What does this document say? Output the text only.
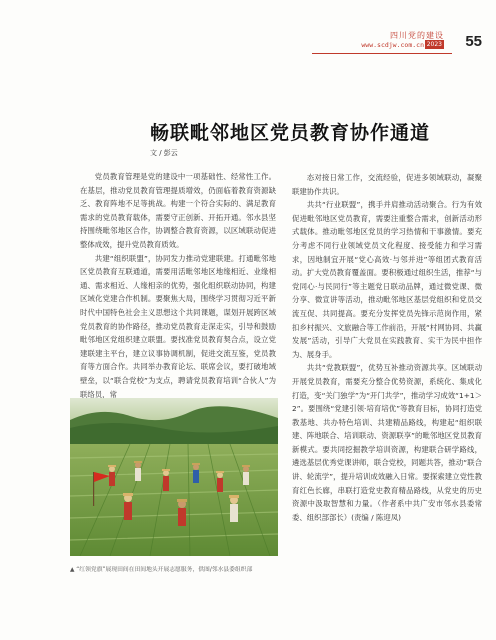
四川党的建设
www.scdjw.com.cn 2023 55
畅联毗邻地区党员教育协作通道
文 / 彭云

党员教育管理是党的建设中一项基础性、经常性工作。在基层，推动党员教育管理提质增效，仍面临着教育资源缺乏、教育阵地不足等挑战。构建一个符合实际的、满足教育需求的党员教育载体，需要守正创新、开拓开通。邻水县坚持围绕毗邻地区合作，协调整合教育资源，以区域联动促进整体成效，提升党员教育质效。

共建“组织联盟”，协同发力推动党建联建。打通毗邻地区党员教育互联通道，需要用活毗邻地区地缘相近、业缘相通、需求相近、人缘相亲的优势，强化组织联动协同，构建区域化党建合作机制。要聚焦大局，围绕学习贯彻习近平新时代中国特色社会主义思想这个共同课题，谋划开展跨区域党员教育的协作路径，推动党员教育走深走实，引导和鼓励毗邻地区党组织建立联盟。要找准党员教育契合点，设立党建联建主平台，建立议事协调机制，促进交流互鉴，党员教育等方面合作。共同举办教育论坛、联席会议，要打破地域壁垒，以“联合党校”为支点，聘请党员教育培训“合伙人”为联络员，常

▲ “红领党旗”展现田间在田间地头开展志愿服务，供图/邻水县委组织部

态对接日常工作，交流经验，促进多领域联动，凝聚联建协作共识。

共共“行业联盟”，携手并肩推动活动聚合。行为有效促进毗邻地区党员教育，需要注重整合需求，创新活动形式载体。推动毗邻地区党员的学习热情和干事激情。要充分考虑不同行业领域党员文化程度、接受能力和学习需求，因地制宜开展“党心高效·与邻并进”等组团式教育活动。扩大党员教育覆盖面。要积极通过组织生活，推荐“与党同心·与民同行”等主题党日联动品牌，通过微党课、微分享、微宣讲等活动，推动毗邻地区基层党组织和党员交流互促、共同提高。要充分发挥党员先锋示范岗作用，紧扣乡村振兴、文旅融合等工作前沿，开展“村网协同、共赢发展”活动，引导广大党员在实践教育、实干为民中担作为、展身手。

共共“党教联盟”，优势互补推动资源共享。区域联动开展党员教育，需要充分整合优势资源，系统化、集成化打造，变“关门独学”为“开门共学”，推动学习成效“1+1＞2”。要围绕“党建引领·培育培优”等教育目标，协同打造党教基地、共办特色培训、共建精品路线，构建起“组织联建、阵地联合、培训联动、资源联享”的毗邻地区党员教育新模式。要共同挖掘教学培训资源，构建联合研学路线，遴选基层优秀党课讲师，联合党校，同题共答，推动“联合讲、轮流学”，提升培训成效融入日常。要探索建立党性教育红色长廊，串联打造党史教育精品路线，从党史的历史资源中汲取智慧和力量。（作者系中共广安市邻水县委常委、组织部部长）(责编 / 陈迎凤)
